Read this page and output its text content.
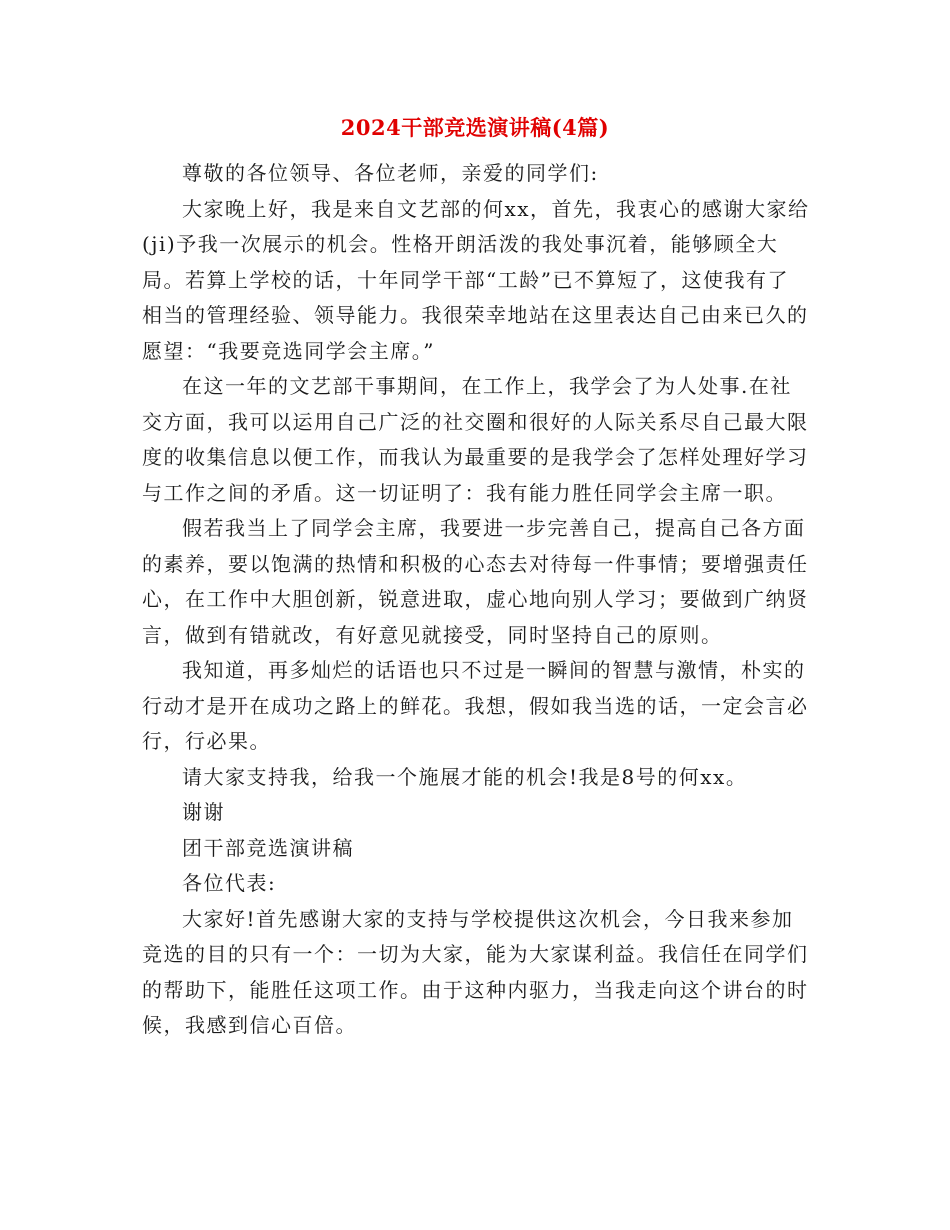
2024干部竞选演讲稿(4篇)

尊敬的各位领导、各位老师，亲爱的同学们:

大家晚上好，我是来自文艺部的何xx，首先，我衷心的感谢大家给(ji)予我一次展示的机会。性格开朗活泼的我处事沉着，能够顾全大局。若算上学校的话，十年同学干部“工龄”已不算短了，这使我有了相当的管理经验、领导能力。我很荣幸地站在这里表达自己由来已久的愿望：“我要竞选同学会主席。”

在这一年的文艺部干事期间，在工作上，我学会了为人处事.在社交方面，我可以运用自己广泛的社交圈和很好的人际关系尽自己最大限度的收集信息以便工作，而我认为最重要的是我学会了怎样处理好学习与工作之间的矛盾。这一切证明了：我有能力胜任同学会主席一职。

假若我当上了同学会主席，我要进一步完善自己，提高自己各方面的素养，要以饱满的热情和积极的心态去对待每一件事情；要增强责任心，在工作中大胆创新，锐意进取，虚心地向别人学习；要做到广纳贤言，做到有错就改，有好意见就接受，同时坚持自己的原则。

我知道，再多灿烂的话语也只不过是一瞬间的智慧与激情，朴实的行动才是开在成功之路上的鲜花。我想，假如我当选的话，一定会言必行，行必果。

请大家支持我，给我一个施展才能的机会!我是8号的何xx。

谢谢

团干部竞选演讲稿

各位代表:

大家好!首先感谢大家的支持与学校提供这次机会，今日我来参加竞选的目的只有一个：一切为大家，能为大家谋利益。我信任在同学们的帮助下，能胜任这项工作。由于这种内驱力，当我走向这个讲台的时候，我感到信心百倍。
